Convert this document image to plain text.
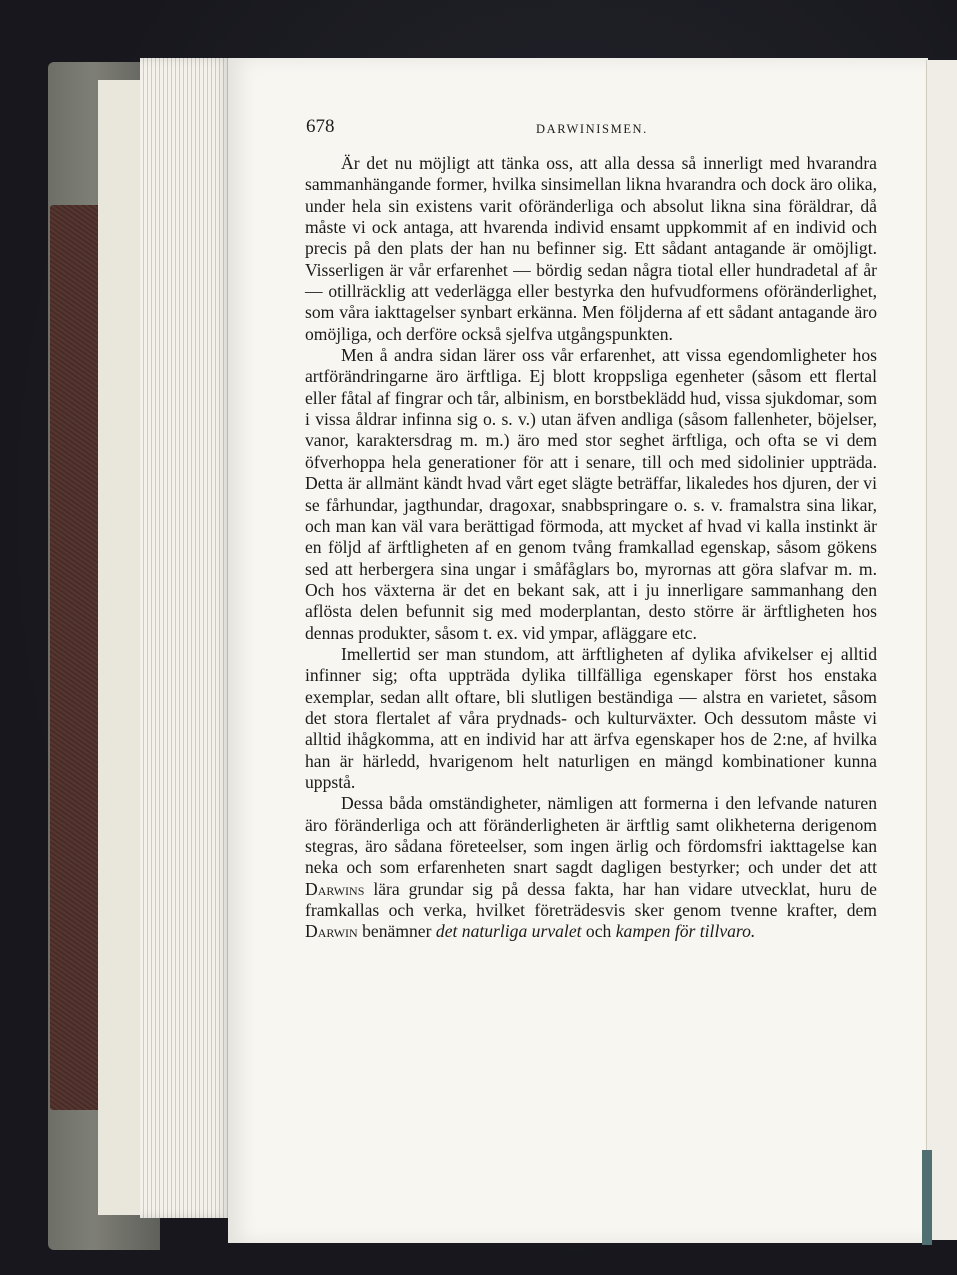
678	DARWINISMEN.

Är det nu möjligt att tänka oss, att alla dessa så innerligt med hvarandra sammanhängande former, hvilka sinsimellan likna hvarandra och dock äro olika, under hela sin existens varit oföränderliga och absolut likna sina föräldrar, då måste vi ock antaga, att hvarenda individ ensamt uppkommit af en individ och precis på den plats der han nu befinner sig. Ett sådant antagande är omöjligt. Visserligen är vår erfarenhet — bördig sedan några tiotal eller hundradetal af år — otillräcklig att vederlägga eller bestyrka den hufvudformens oföränderlighet, som våra iakttagelser synbart erkänna. Men följderna af ett sådant antagande äro omöjliga, och derföre också sjelfva utgångspunkten.

Men å andra sidan lärer oss vår erfarenhet, att vissa egendomligheter hos artförändringarne äro ärftliga. Ej blott kroppsliga egenheter (såsom ett flertal eller fåtal af fingrar och tår, albinism, en borstbeklädd hud, vissa sjukdomar, som i vissa åldrar infinna sig o. s. v.) utan äfven andliga (såsom fallenheter, böjelser, vanor, karaktersdrag m. m.) äro med stor seghet ärftliga, och ofta se vi dem öfverhoppa hela generationer för att i senare, till och med sidolinier uppträda. Detta är allmänt kändt hvad vårt eget slägte beträffar, likaledes hos djuren, der vi se fårhundar, jagthundar, dragoxar, snabbspringare o. s. v. framalstra sina likar, och man kan väl vara berättigad förmoda, att mycket af hvad vi kalla instinkt är en följd af ärftligheten af en genom tvång framkallad egenskap, såsom gökens sed att herbergera sina ungar i småfåglars bo, myrornas att göra slafvar m. m. Och hos växterna är det en bekant sak, att i ju innerligare sammanhang den aflösta delen befunnit sig med moderplantan, desto större är ärftligheten hos dennas produkter, såsom t. ex. vid ympar, afläggare etc.

Imellertid ser man stundom, att ärftligheten af dylika afvikelser ej alltid infinner sig; ofta uppträda dylika tillfälliga egenskaper först hos enstaka exemplar, sedan allt oftare, bli slutligen beständiga — alstra en varietet, såsom det stora flertalet af våra prydnads- och kulturväxter. Och dessutom måste vi alltid ihågkomma, att en individ har att ärfva egenskaper hos de 2:ne, af hvilka han är härledd, hvarigenom helt naturligen en mängd kombinationer kunna uppstå.

Dessa båda omständigheter, nämligen att formerna i den lefvande naturen äro föränderliga och att föränderligheten är ärftlig samt olikheterna derigenom stegras, äro sådana företeelser, som ingen ärlig och fördomsfri iakttagelse kan neka och som erfarenheten snart sagdt dagligen bestyrker; och under det att Darwins lära grundar sig på dessa fakta, har han vidare utvecklat, huru de framkallas och verka, hvilket företrädesvis sker genom tvenne krafter, dem Darwin benämner det naturliga urvalet och kampen för tillvaro.
